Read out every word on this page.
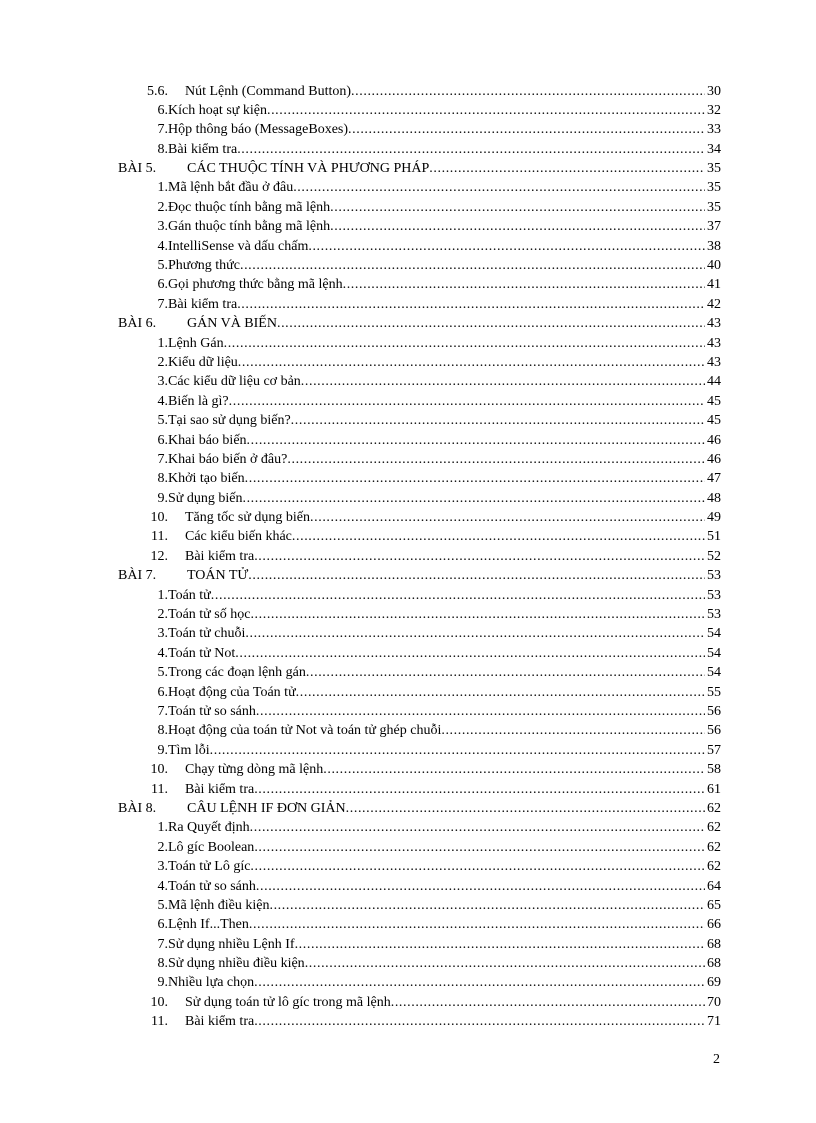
5.6. Nút Lệnh (Command Button) .....	30
6. Kích hoạt sự kiện .....	32
7. Hộp thông báo (MessageBoxes) .....	33
8. Bài kiểm tra .....	34
BÀI 5. CÁC THUỘC TÍNH VÀ PHƯƠNG PHÁP .....	35
1. Mã lệnh bắt đầu ở đâu .....	35
2. Đọc thuộc tính bằng mã lệnh .....	35
3. Gán thuộc tính bằng mã lệnh .....	37
4. IntelliSense và dấu chấm .....	38
5. Phương thức .....	40
6. Gọi phương thức bằng mã lệnh .....	41
7. Bài kiểm tra .....	42
BÀI 6. GÁN VÀ BIẾN .....	43
1. Lệnh Gán .....	43
2. Kiểu dữ liệu .....	43
3. Các kiểu dữ liệu cơ bản .....	44
4. Biến là gì? .....	45
5. Tại sao sử dụng biến? .....	45
6. Khai báo biến .....	46
7. Khai báo biến ở đâu? .....	46
8. Khởi tạo biến .....	47
9. Sử dụng biến .....	48
10. Tăng tốc sử dụng biến .....	49
11. Các kiểu biến khác .....	51
12. Bài kiểm tra .....	52
BÀI 7. TOÁN TỬ .....	53
1. Toán tử .....	53
2. Toán tử số học .....	53
3. Toán tử chuỗi .....	54
4. Toán tử Not .....	54
5. Trong các đoạn lệnh gán .....	54
6. Hoạt động của Toán tử .....	55
7. Toán tử so sánh .....	56
8. Hoạt động của toán tử Not và toán tử ghép chuỗi .....	56
9. Tìm lỗi .....	57
10. Chạy từng dòng mã lệnh .....	58
11. Bài kiểm tra .....	61
BÀI 8. CÂU LỆNH IF ĐƠN GIẢN .....	62
1. Ra Quyết định .....	62
2. Lô gíc Boolean .....	62
3. Toán tử Lô gíc .....	62
4. Toán tử so sánh .....	64
5. Mã lệnh điều kiện .....	65
6. Lệnh If...Then .....	66
7. Sử dụng nhiều Lệnh If .....	68
8. Sử dụng nhiều điều kiện .....	68
9. Nhiều lựa chọn .....	69
10. Sử dụng toán tử lô gíc trong mã lệnh .....	70
11. Bài kiểm tra .....	71
2
